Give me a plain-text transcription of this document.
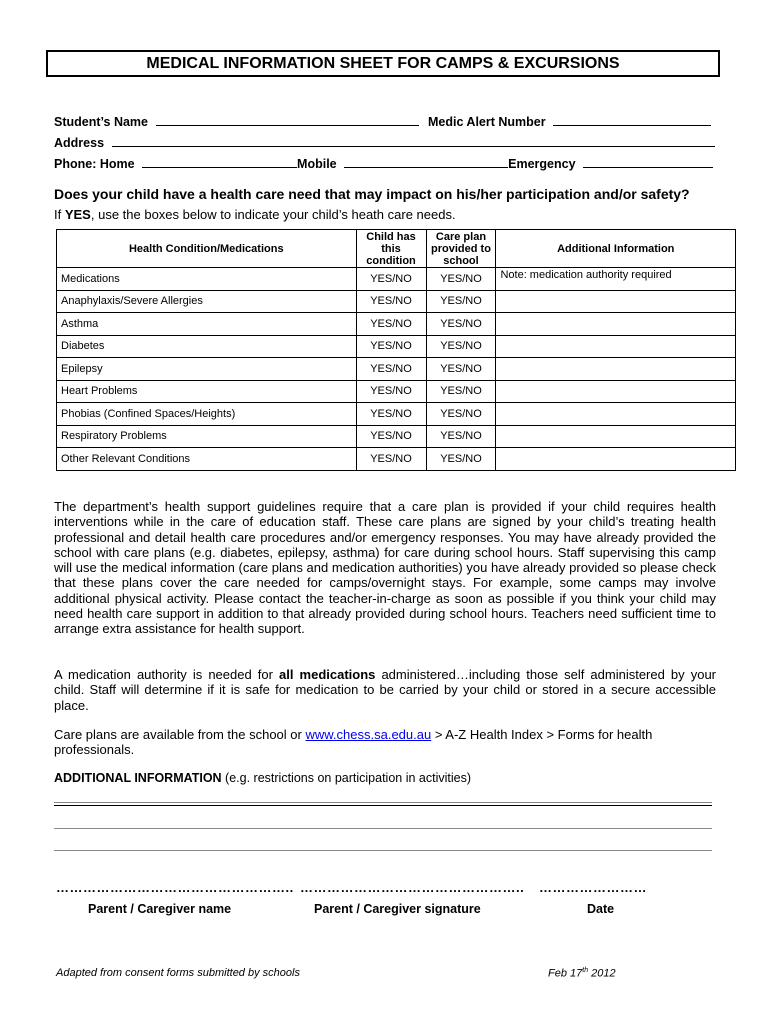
MEDICAL INFORMATION SHEET FOR CAMPS & EXCURSIONS
Student’s Name	Medic Alert Number
Address
Phone: Home	Mobile	Emergency
Does your child have a health care need that may impact on his/her participation and/or safety?
If YES, use the boxes below to indicate your child’s heath care needs.
Health Condition/Medications	Child has this condition	Care plan provided to school	Additional Information
Medications	YES/NO	YES/NO	Note: medication authority required
Anaphylaxis/Severe Allergies	YES/NO	YES/NO	
Asthma	YES/NO	YES/NO	
Diabetes	YES/NO	YES/NO	
Epilepsy	YES/NO	YES/NO	
Heart Problems	YES/NO	YES/NO	
Phobias (Confined Spaces/Heights)	YES/NO	YES/NO	
Respiratory Problems	YES/NO	YES/NO	
Other Relevant Conditions	YES/NO	YES/NO	
The department’s health support guidelines require that a care plan is provided if your child requires health interventions while in the care of education staff. These care plans are signed by your child’s treating health professional and detail health care procedures and/or emergency responses. You may have already provided the school with care plans (e.g. diabetes, epilepsy, asthma) for care during school hours. Staff supervising this camp will use the medical information (care plans and medication authorities) you have already provided so please check that these plans cover the care needed for camps/overnight stays. For example, some camps may involve additional physical activity. Please contact the teacher-in-charge as soon as possible if you think your child may need health care support in addition to that already provided during school hours. Teachers need sufficient time to arrange extra assistance for health support.
A medication authority is needed for all medications administered…including those self administered by your child. Staff will determine if it is safe for medication to be carried by your child or stored in a secure accessible place.
Care plans are available from the school or www.chess.sa.edu.au > A-Z Health Index > Forms for health professionals.
ADDITIONAL INFORMATION (e.g. restrictions on participation in activities)
…………………………………………….. ………………………………………….. ……………………
Parent / Caregiver name	Parent / Caregiver signature	Date
Adapted from consent forms submitted by schools	Feb 17th 2012
